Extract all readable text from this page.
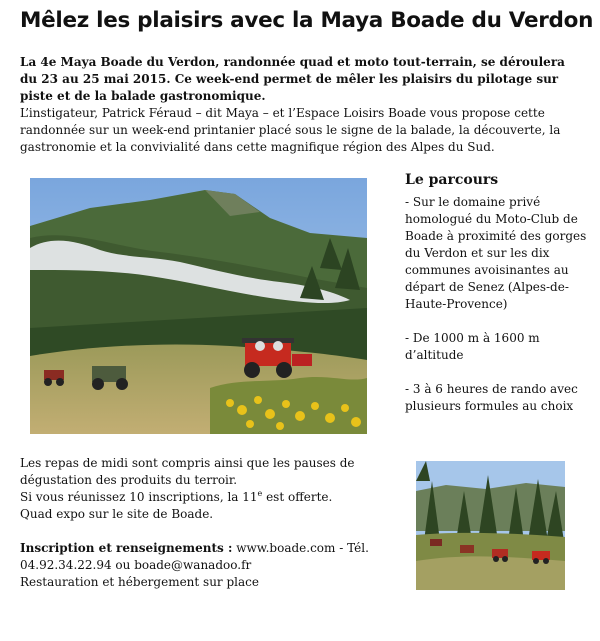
Mêlez les plaisirs avec la Maya Boade du Verdon
La 4e Maya Boade du Verdon, randonnée quad et moto tout-terrain, se déroulera du 23 au 25 mai 2015. Ce week-end permet de mêler les plaisirs du pilotage sur piste et de la balade gastronomique.
L’instigateur, Patrick Féraud – dit Maya – et l’Espace Loisirs Boade vous propose cette randonnée sur un week-end printanier placé sous le signe de la balade, la découverte, la gastronomie et la convivialité dans cette magnifique région des Alpes du Sud.
Le parcours

- Sur le domaine privé homologué du Moto-Club de Boade à proximité des gorges du Verdon et sur les dix communes avoisinantes au départ de Senez (Alpes-de-Haute-Provence)

- De 1000 m à 1600 m d’altitude

- 3 à 6 heures de rando avec plusieurs formules au choix

Les repas de midi sont compris ainsi que les pauses de dégustation des produits du terroir.

Si vous réunissez 10 inscriptions, la 11e est offerte.

Quad expo sur le site de Boade.

Inscription et renseignements : www.boade.com - Tél. 04.92.34.22.94 ou boade@wanadoo.fr

Restauration et hébergement sur place
